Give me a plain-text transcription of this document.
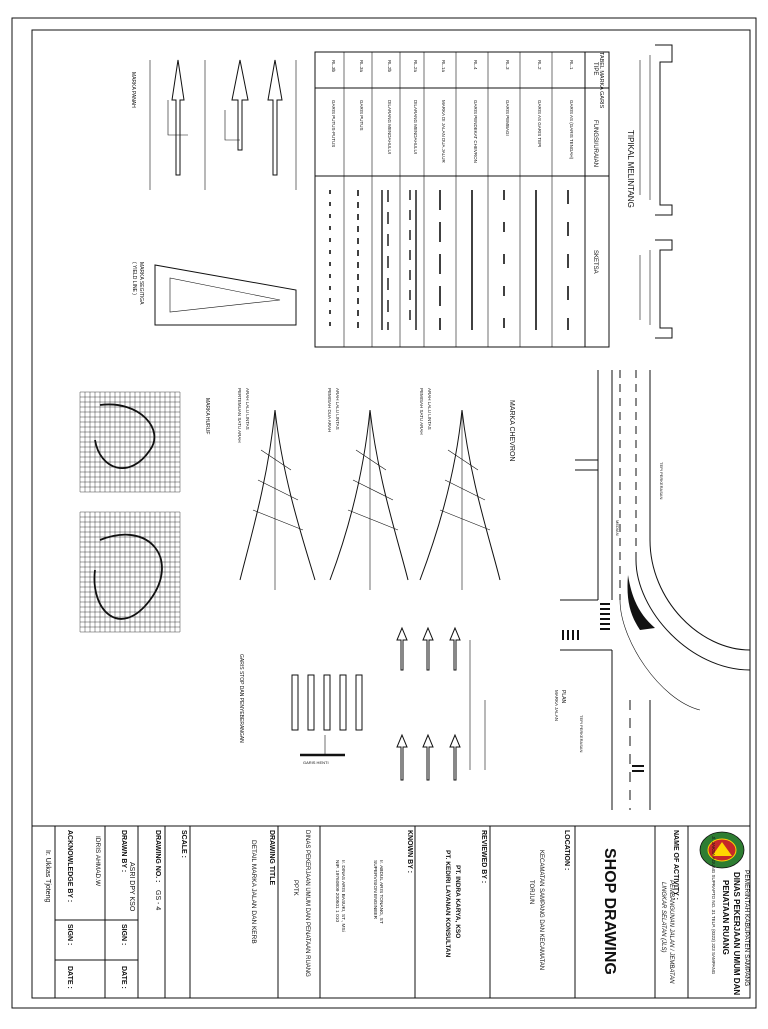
PEMERINTAH KABUPATEN SAMPANG
DINAS PEKERJAAN UMUM DAN
PENATAAN RUANG
Jl. JAKSA AGUNG SUPRAPTO NO. 31 TELP. (0323) 323 SAMPANG
NAME OF ACTIVITY :
PEMBANGUNAN JALAN / JEMBATAN
LINGKAR SELATAN (JLS)
SHOP DRAWING
LOCATION :
KECAMATAN SAMPANG DAN KECAMATAN
TORJUN
REVIEWED BY :
PT. INDRA KARYA, KSO
PT. KEDIRI LAYANAN KONSULTAN
KNOWN BY :
Ir. ABDUL ARIS TONANG, ST
SUPERVISION ENGINEER
Ir. DINAS ARIS BASUKI, ST., MSi
NIP. 19760809 200501 1 010
DINAS PEKERJAAN UMUM DAN PENATAAN RUANG
PPTK
DRAWING TITLE
DETAIL MARKA JALAN DAN KERB
SCALE :
DRAWING NO. :
GS - 4
ASRI DPY KSO
DRAWN BY :
SIGN :
DATE :
IDRIS AHMAD.W
ACKNOWLEDGE BY :
SIGN :
DATE :
Ir. Ukkas Tjoteng
TIPIKAL MELINTANG
TABEL MARKA GARIS
TIPE
FUNGSI/URAIAN
SKETSA
RL.1
GARIS AS (GARIS TENGAH)
RL.2
GARIS AS GARIS TEPI
RL.3
GARIS PEMBAGI
RL.4
GARIS PENDEKAT CHEVRON
RL.1a
MARKA DI JALAN DUA JALUR
RL.2a
DILARANG MENDAHULUI
RL.2b
DILARANG MENDAHULUI
RL.3a
GARIS PUTUS
RL.3b
GARIS PUTUS-PUTUS
MARKA PANAH
MARKA SEGITIGA
( YIELD LINE )
MARKA HURUF	MARKA CHEVRON
ARAH LALU LINTAS
PEMISAH SATU ARAH
ARAH LALU LINTAS
PEMISAH DUA ARAH
ARAH LALU LINTAS
PERTEMUAN SATU ARAH
PLAN
MARKA JALAN
TEPI PERKERASAN
TEPI PERKERASAN
MEDIAN
GARIS STOP DAN PENYEBERANGAN
GARIS HENTI
